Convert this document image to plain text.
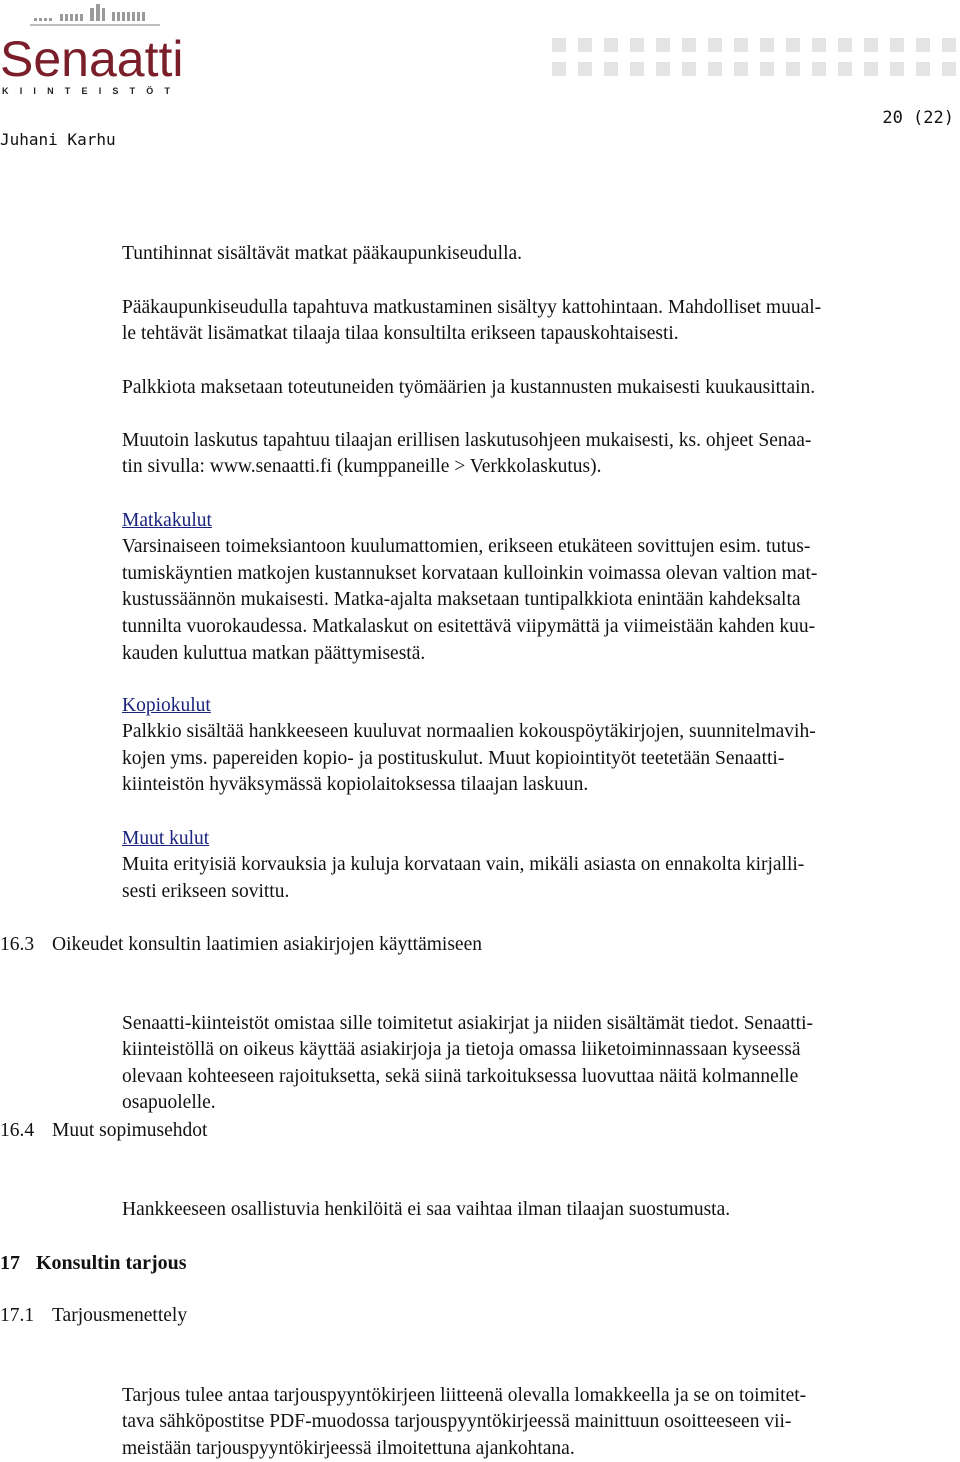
Senaatti
KIINTEISTÖT
20 (22)
Juhani Karhu

Tuntihinnat sisältävät matkat pääkaupunkiseudulla.

Pääkaupunkiseudulla tapahtuva matkustaminen sisältyy kattohintaan. Mahdolliset muual-
le tehtävät lisämatkat tilaaja tilaa konsultilta erikseen tapauskohtaisesti.

Palkkiota maksetaan toteutuneiden työmäärien ja kustannusten mukaisesti kuukausittain.

Muutoin laskutus tapahtuu tilaajan erillisen laskutusohjeen mukaisesti, ks. ohjeet Senaa-
tin sivulla: www.senaatti.fi (kumppaneille > Verkkolaskutus).

Matkakulut
Varsinaiseen toimeksiantoon kuulumattomien, erikseen etukäteen sovittujen esim. tutus-
tumiskäyntien matkojen kustannukset korvataan kulloinkin voimassa olevan valtion mat-
kustussäännön mukaisesti. Matka-ajalta maksetaan tuntipalkkiota enintään kahdeksalta
tunnilta vuorokaudessa. Matkalaskut on esitettävä viipymättä ja viimeistään kahden kuu-
kauden kuluttua matkan päättymisestä.

Kopiokulut
Palkkio sisältää hankkeeseen kuuluvat normaalien kokouspöytäkirjojen, suunnitelmavih-
kojen yms. papereiden kopio- ja postituskulut. Muut kopiointityöt teetetään Senaatti-
kiinteistön hyväksymässä kopiolaitoksessa tilaajan laskuun.

Muut kulut
Muita erityisiä korvauksia ja kuluja korvataan vain, mikäli asiasta on ennakolta kirjalli-
sesti erikseen sovittu.

16.3 Oikeudet konsultin laatimien asiakirjojen käyttämiseen

Senaatti-kiinteistöt omistaa sille toimitetut asiakirjat ja niiden sisältämät tiedot. Senaatti-
kiinteistöllä on oikeus käyttää asiakirjoja ja tietoja omassa liiketoiminnassaan kyseessä
olevaan kohteeseen rajoituksetta, sekä siinä tarkoituksessa luovuttaa näitä kolmannelle
osapuolelle.

16.4 Muut sopimusehdot

Hankkeeseen osallistuvia henkilöitä ei saa vaihtaa ilman tilaajan suostumusta.

17 Konsultin tarjous
17.1 Tarjousmenettely

Tarjous tulee antaa tarjouspyyntökirjeen liitteenä olevalla lomakkeella ja se on toimitet-
tava sähköpostitse PDF-muodossa tarjouspyyntökirjeessä mainittuun osoitteeseen vii-
meistään tarjouspyyntökirjeessä ilmoitettuna ajankohtana.
